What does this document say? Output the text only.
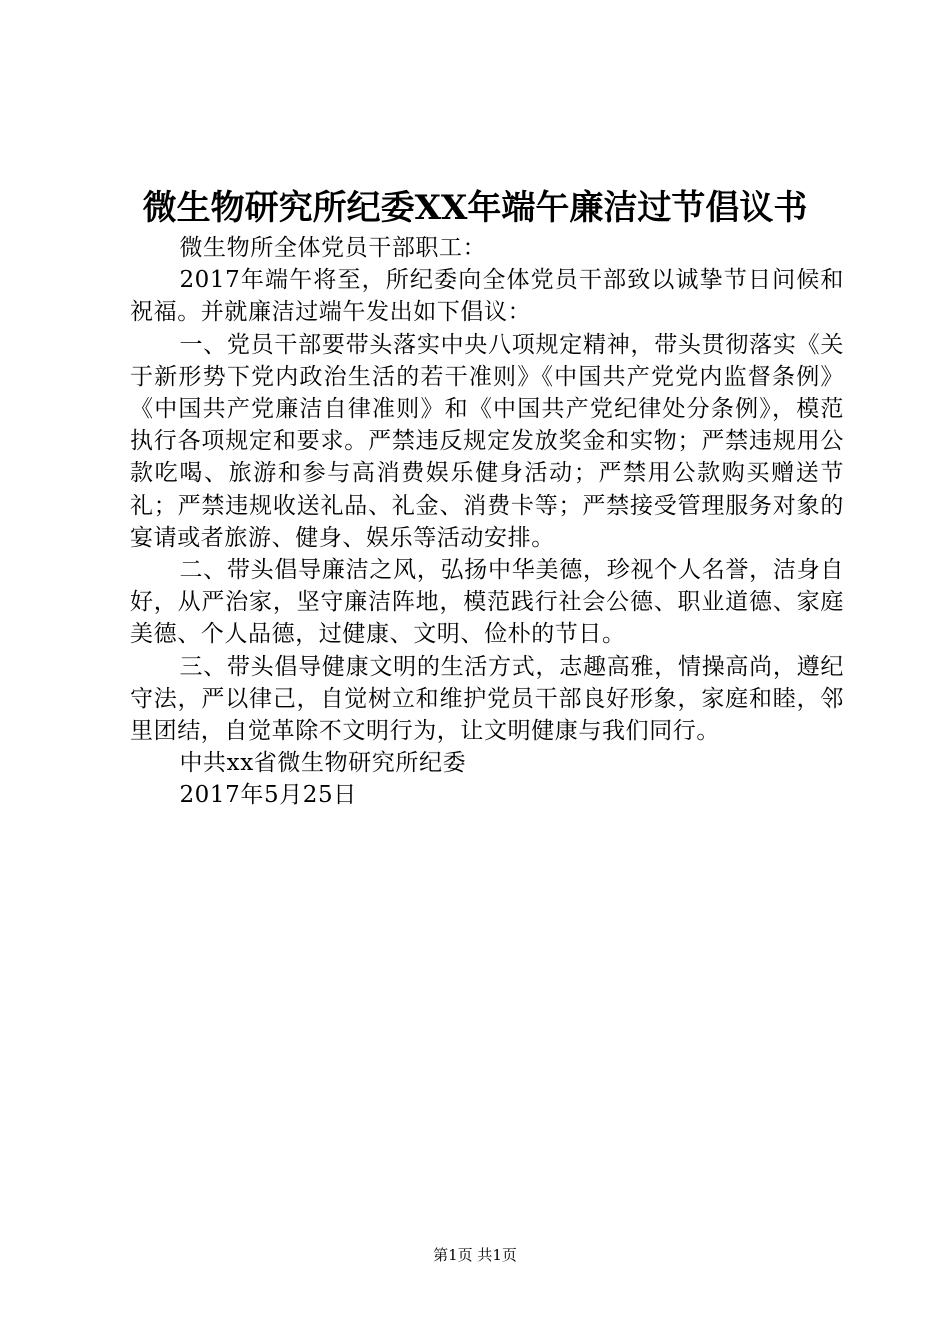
微生物研究所纪委XX年端午廉洁过节倡议书

微生物所全体党员干部职工：

2017年端午将至，所纪委向全体党员干部致以诚挚节日问候和祝福。并就廉洁过端午发出如下倡议：

一、党员干部要带头落实中央八项规定精神，带头贯彻落实《关于新形势下党内政治生活的若干准则》《中国共产党党内监督条例》《中国共产党廉洁自律准则》和《中国共产党纪律处分条例》，模范执行各项规定和要求。严禁违反规定发放奖金和实物；严禁违规用公款吃喝、旅游和参与高消费娱乐健身活动；严禁用公款购买赠送节礼；严禁违规收送礼品、礼金、消费卡等；严禁接受管理服务对象的宴请或者旅游、健身、娱乐等活动安排。

二、带头倡导廉洁之风，弘扬中华美德，珍视个人名誉，洁身自好，从严治家，坚守廉洁阵地，模范践行社会公德、职业道德、家庭美德、个人品德，过健康、文明、俭朴的节日。

三、带头倡导健康文明的生活方式，志趣高雅，情操高尚，遵纪守法，严以律己，自觉树立和维护党员干部良好形象，家庭和睦，邻里团结，自觉革除不文明行为，让文明健康与我们同行。

中共xx省微生物研究所纪委

2017年5月25日

第1页 共1页
